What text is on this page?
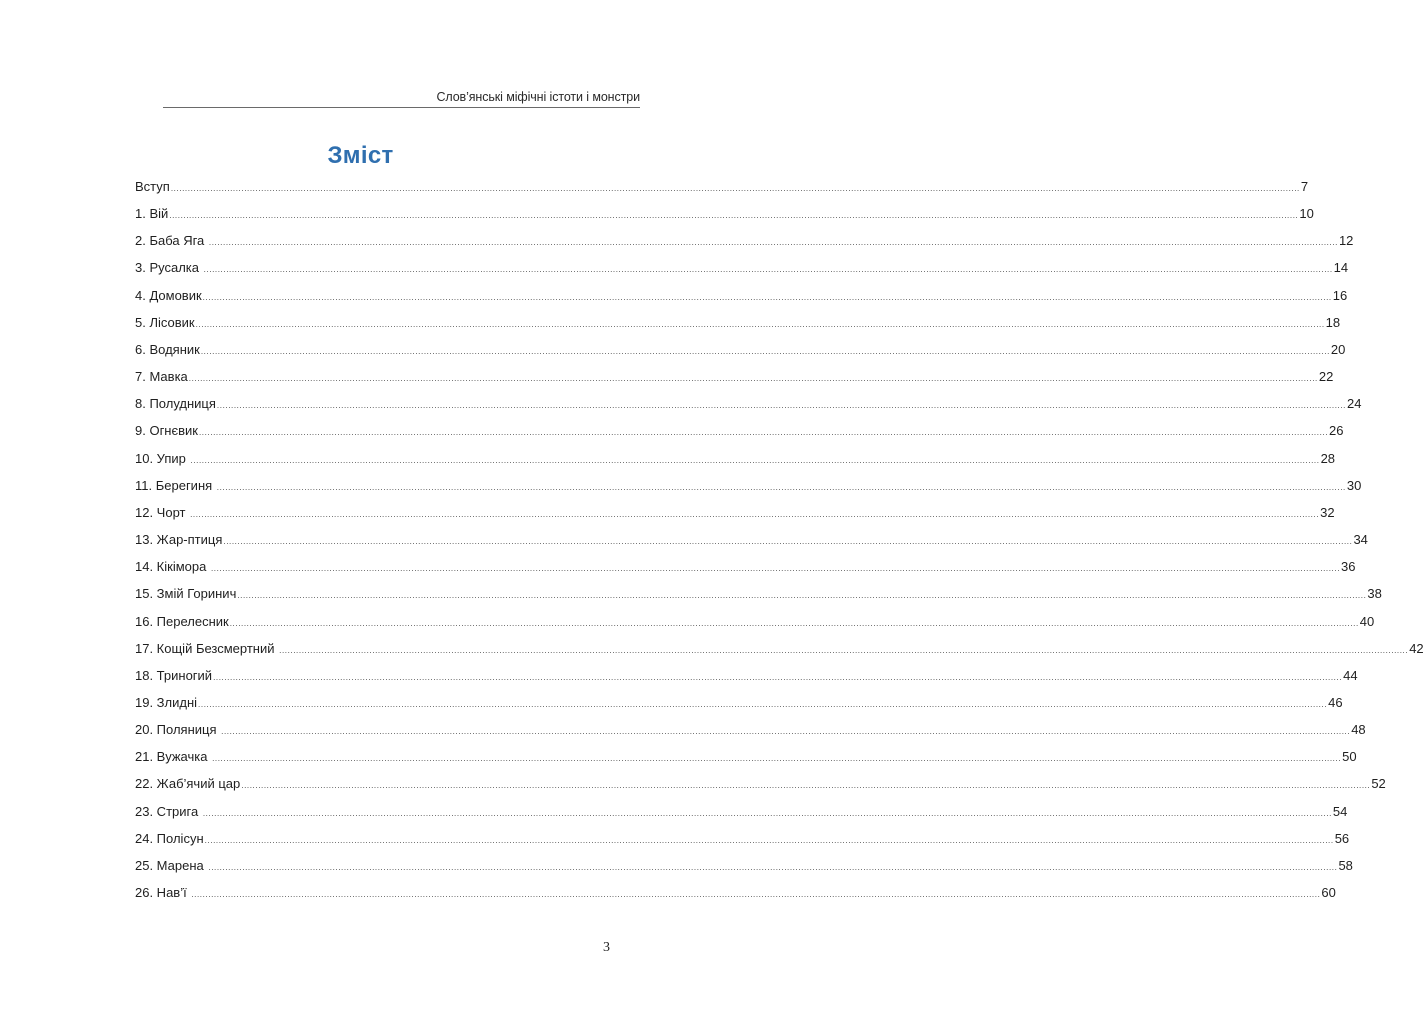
Слов’янські міфічні істоти і монстри
Зміст
Вступ ................................................................................................................................................................................................................................................................................................................................................................................................................ 7
1. Вій ................................................................................................................................................................................................................................................................................................................................................................................................................ 10
2. Баба Яга ................................................................................................................................................................................................................................................................................................................................................................................................................ 12
3. Русалка ................................................................................................................................................................................................................................................................................................................................................................................................................ 14
4. Домовик ................................................................................................................................................................................................................................................................................................................................................................................................................ 16
5. Лісовик ................................................................................................................................................................................................................................................................................................................................................................................................................ 18
6. Водяник ................................................................................................................................................................................................................................................................................................................................................................................................................ 20
7. Мавка ................................................................................................................................................................................................................................................................................................................................................................................................................ 22
8. Полудниця ................................................................................................................................................................................................................................................................................................................................................................................................................ 24
9. Огнєвик ................................................................................................................................................................................................................................................................................................................................................................................................................ 26
10. Упир ................................................................................................................................................................................................................................................................................................................................................................................................................ 28
11. Берегиня ................................................................................................................................................................................................................................................................................................................................................................................................................ 30
12. Чорт ................................................................................................................................................................................................................................................................................................................................................................................................................ 32
13. Жар-птиця ................................................................................................................................................................................................................................................................................................................................................................................................................ 34
14. Кікімора ................................................................................................................................................................................................................................................................................................................................................................................................................ 36
15. Змій Горинич ................................................................................................................................................................................................................................................................................................................................................................................................................ 38
16. Перелесник ................................................................................................................................................................................................................................................................................................................................................................................................................ 40
17. Кощій Безсмертний ................................................................................................................................................................................................................................................................................................................................................................................................................ 42
18. Триногий ................................................................................................................................................................................................................................................................................................................................................................................................................ 44
19. Злидні ................................................................................................................................................................................................................................................................................................................................................................................................................ 46
20. Поляниця ................................................................................................................................................................................................................................................................................................................................................................................................................ 48
21. Вужачка ................................................................................................................................................................................................................................................................................................................................................................................................................ 50
22. Жаб’ячий цар ................................................................................................................................................................................................................................................................................................................................................................................................................ 52
23. Стрига ................................................................................................................................................................................................................................................................................................................................................................................................................ 54
24. Полісун ................................................................................................................................................................................................................................................................................................................................................................................................................ 56
25. Марена ................................................................................................................................................................................................................................................................................................................................................................................................................ 58
26. Нав’ї ................................................................................................................................................................................................................................................................................................................................................................................................................ 60
3
